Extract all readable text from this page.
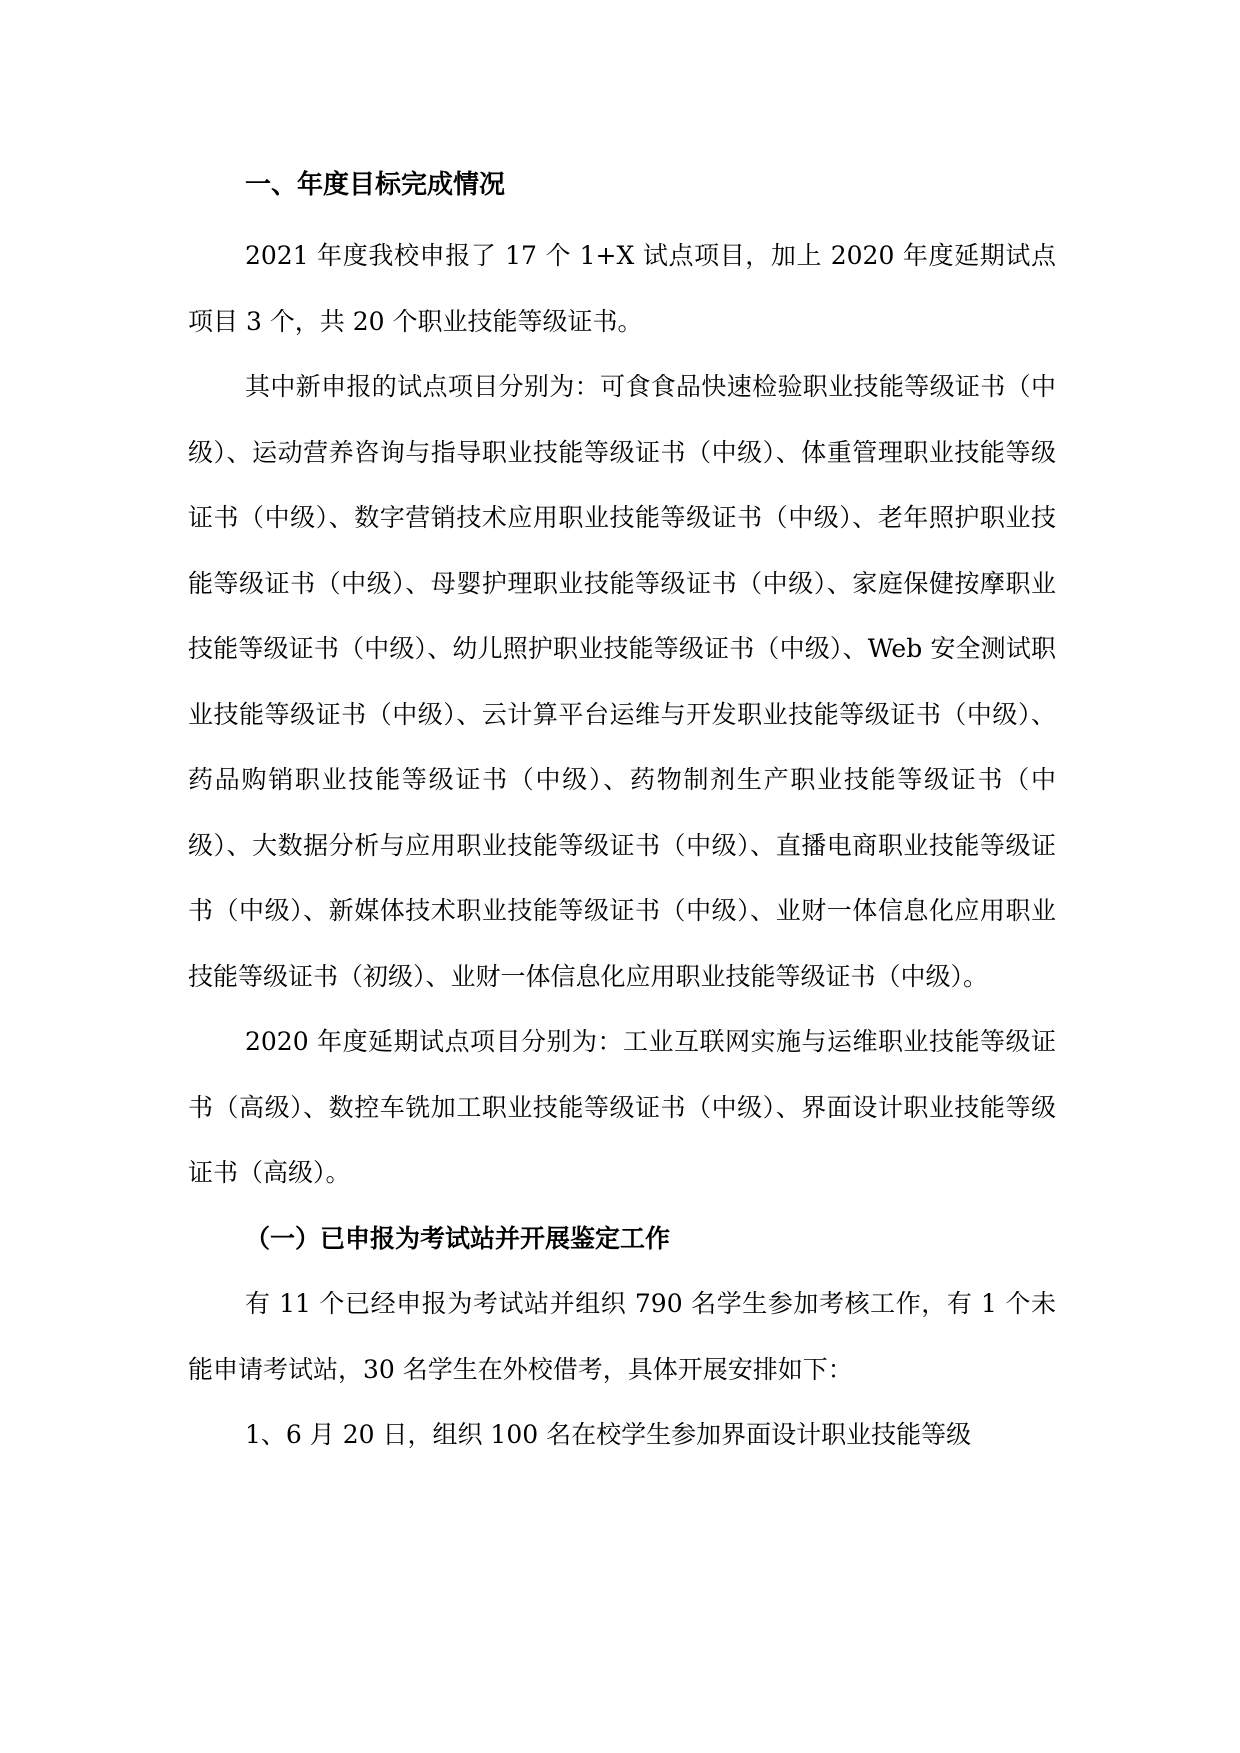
一、年度目标完成情况

2021 年度我校申报了 17 个 1+X 试点项目，加上 2020 年度延期试点项目 3 个，共 20 个职业技能等级证书。

其中新申报的试点项目分别为：可食食品快速检验职业技能等级证书（中级）、运动营养咨询与指导职业技能等级证书（中级）、体重管理职业技能等级证书（中级）、数字营销技术应用职业技能等级证书（中级）、老年照护职业技能等级证书（中级）、母婴护理职业技能等级证书（中级）、家庭保健按摩职业技能等级证书（中级）、幼儿照护职业技能等级证书（中级）、Web 安全测试职业技能等级证书（中级）、云计算平台运维与开发职业技能等级证书（中级）、药品购销职业技能等级证书（中级）、药物制剂生产职业技能等级证书（中级）、大数据分析与应用职业技能等级证书（中级）、直播电商职业技能等级证书（中级）、新媒体技术职业技能等级证书（中级）、业财一体信息化应用职业技能等级证书（初级）、业财一体信息化应用职业技能等级证书（中级）。

2020 年度延期试点项目分别为：工业互联网实施与运维职业技能等级证书（高级）、数控车铣加工职业技能等级证书（中级）、界面设计职业技能等级证书（高级）。

（一）已申报为考试站并开展鉴定工作

有 11 个已经申报为考试站并组织 790 名学生参加考核工作，有 1 个未能申请考试站，30 名学生在外校借考，具体开展安排如下：

1、6 月 20 日，组织 100 名在校学生参加界面设计职业技能等级
